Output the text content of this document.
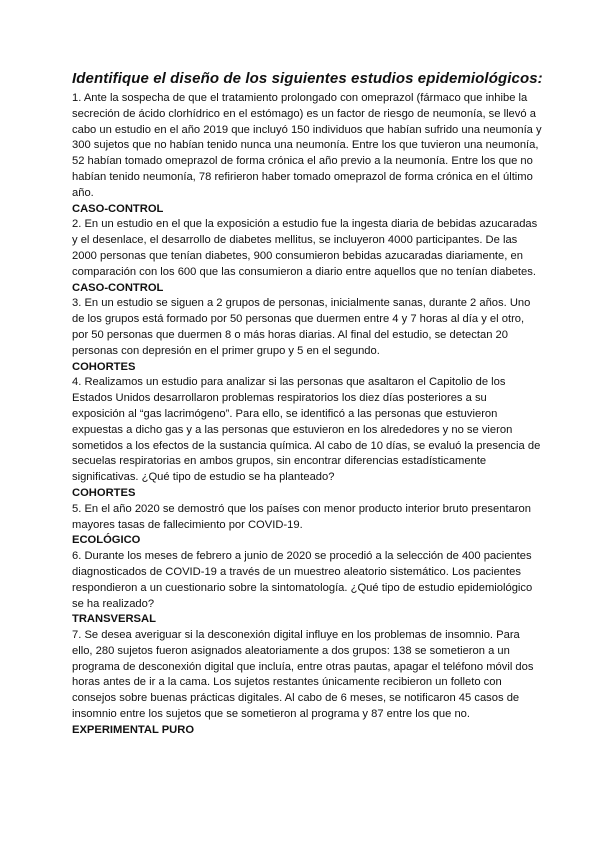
Identifique el diseño de los siguientes estudios epidemiológicos:

1. Ante la sospecha de que el tratamiento prolongado con omeprazol (fármaco que inhibe la secreción de ácido clorhídrico en el estómago) es un factor de riesgo de neumonía, se llevó a cabo un estudio en el año 2019 que incluyó 150 individuos que habían sufrido una neumonía y 300 sujetos que no habían tenido nunca una neumonía. Entre los que tuvieron una neumonía, 52 habían tomado omeprazol de forma crónica el año previo a la neumonía. Entre los que no habían tenido neumonía, 78 refirieron haber tomado omeprazol de forma crónica en el último año.

CASO-CONTROL

2. En un estudio en el que la exposición a estudio fue la ingesta diaria de bebidas azucaradas y el desenlace, el desarrollo de diabetes mellitus, se incluyeron 4000 participantes. De las 2000 personas que tenían diabetes, 900 consumieron bebidas azucaradas diariamente, en comparación con los 600 que las consumieron a diario entre aquellos que no tenían diabetes.

CASO-CONTROL

3. En un estudio se siguen a 2 grupos de personas, inicialmente sanas, durante 2 años. Uno de los grupos está formado por 50 personas que duermen entre 4 y 7 horas al día y el otro, por 50 personas que duermen 8 o más horas diarias. Al final del estudio, se detectan 20 personas con depresión en el primer grupo y 5 en el segundo.

COHORTES

4. Realizamos un estudio para analizar si las personas que asaltaron el Capitolio de los Estados Unidos desarrollaron problemas respiratorios los diez días posteriores a su exposición al “gas lacrimógeno”. Para ello, se identificó a las personas que estuvieron expuestas a dicho gas y a las personas que estuvieron en los alrededores y no se vieron sometidos a los efectos de la sustancia química. Al cabo de 10 días, se evaluó la presencia de secuelas respiratorias en ambos grupos, sin encontrar diferencias estadísticamente significativas. ¿Qué tipo de estudio se ha planteado?

COHORTES

5. En el año 2020 se demostró que los países con menor producto interior bruto presentaron mayores tasas de fallecimiento por COVID-19.

ECOLÓGICO

6. Durante los meses de febrero a junio de 2020 se procedió a la selección de 400 pacientes diagnosticados de COVID-19 a través de un muestreo aleatorio sistemático. Los pacientes respondieron a un cuestionario sobre la sintomatología. ¿Qué tipo de estudio epidemiológico se ha realizado?

TRANSVERSAL

7. Se desea averiguar si la desconexión digital influye en los problemas de insomnio. Para ello, 280 sujetos fueron asignados aleatoriamente a dos grupos: 138 se sometieron a un programa de desconexión digital que incluía, entre otras pautas, apagar el teléfono móvil dos horas antes de ir a la cama. Los sujetos restantes únicamente recibieron un folleto con consejos sobre buenas prácticas digitales. Al cabo de 6 meses, se notificaron 45 casos de insomnio entre los sujetos que se sometieron al programa y 87 entre los que no.

EXPERIMENTAL PURO
